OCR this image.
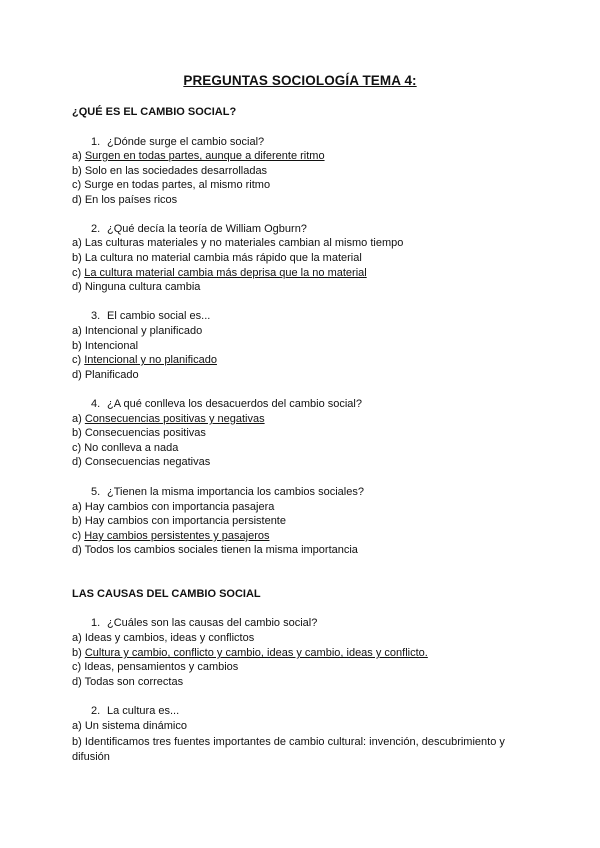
PREGUNTAS SOCIOLOGÍA TEMA 4:
¿QUÉ ES EL CAMBIO SOCIAL?
1. ¿Dónde surge el cambio social?
a) Surgen en todas partes, aunque a diferente ritmo
b) Solo en las sociedades desarrolladas
c) Surge en todas partes, al mismo ritmo
d) En los países ricos
2. ¿Qué decía la teoría de William Ogburn?
a) Las culturas materiales y no materiales cambian al mismo tiempo
b) La cultura no material cambia más rápido que la material
c) La cultura material cambia más deprisa que la no material
d) Ninguna cultura cambia
3. El cambio social es...
a) Intencional y planificado
b) Intencional
c) Intencional y no planificado
d) Planificado
4. ¿A qué conlleva los desacuerdos del cambio social?
a) Consecuencias positivas y negativas
b) Consecuencias positivas
c) No conlleva a nada
d) Consecuencias negativas
5. ¿Tienen la misma importancia los cambios sociales?
a) Hay cambios con importancia pasajera
b) Hay cambios con importancia persistente
c) Hay cambios persistentes y pasajeros
d) Todos los cambios sociales tienen la misma importancia
LAS CAUSAS DEL CAMBIO SOCIAL
1. ¿Cuáles son las causas del cambio social?
a) Ideas y cambios, ideas y conflictos
b) Cultura y cambio, conflicto y cambio, ideas y cambio, ideas y conflicto.
c) Ideas, pensamientos y cambios
d) Todas son correctas
2. La cultura es...
a) Un sistema dinámico
b) Identificamos tres fuentes importantes de cambio cultural: invención, descubrimiento y difusión
